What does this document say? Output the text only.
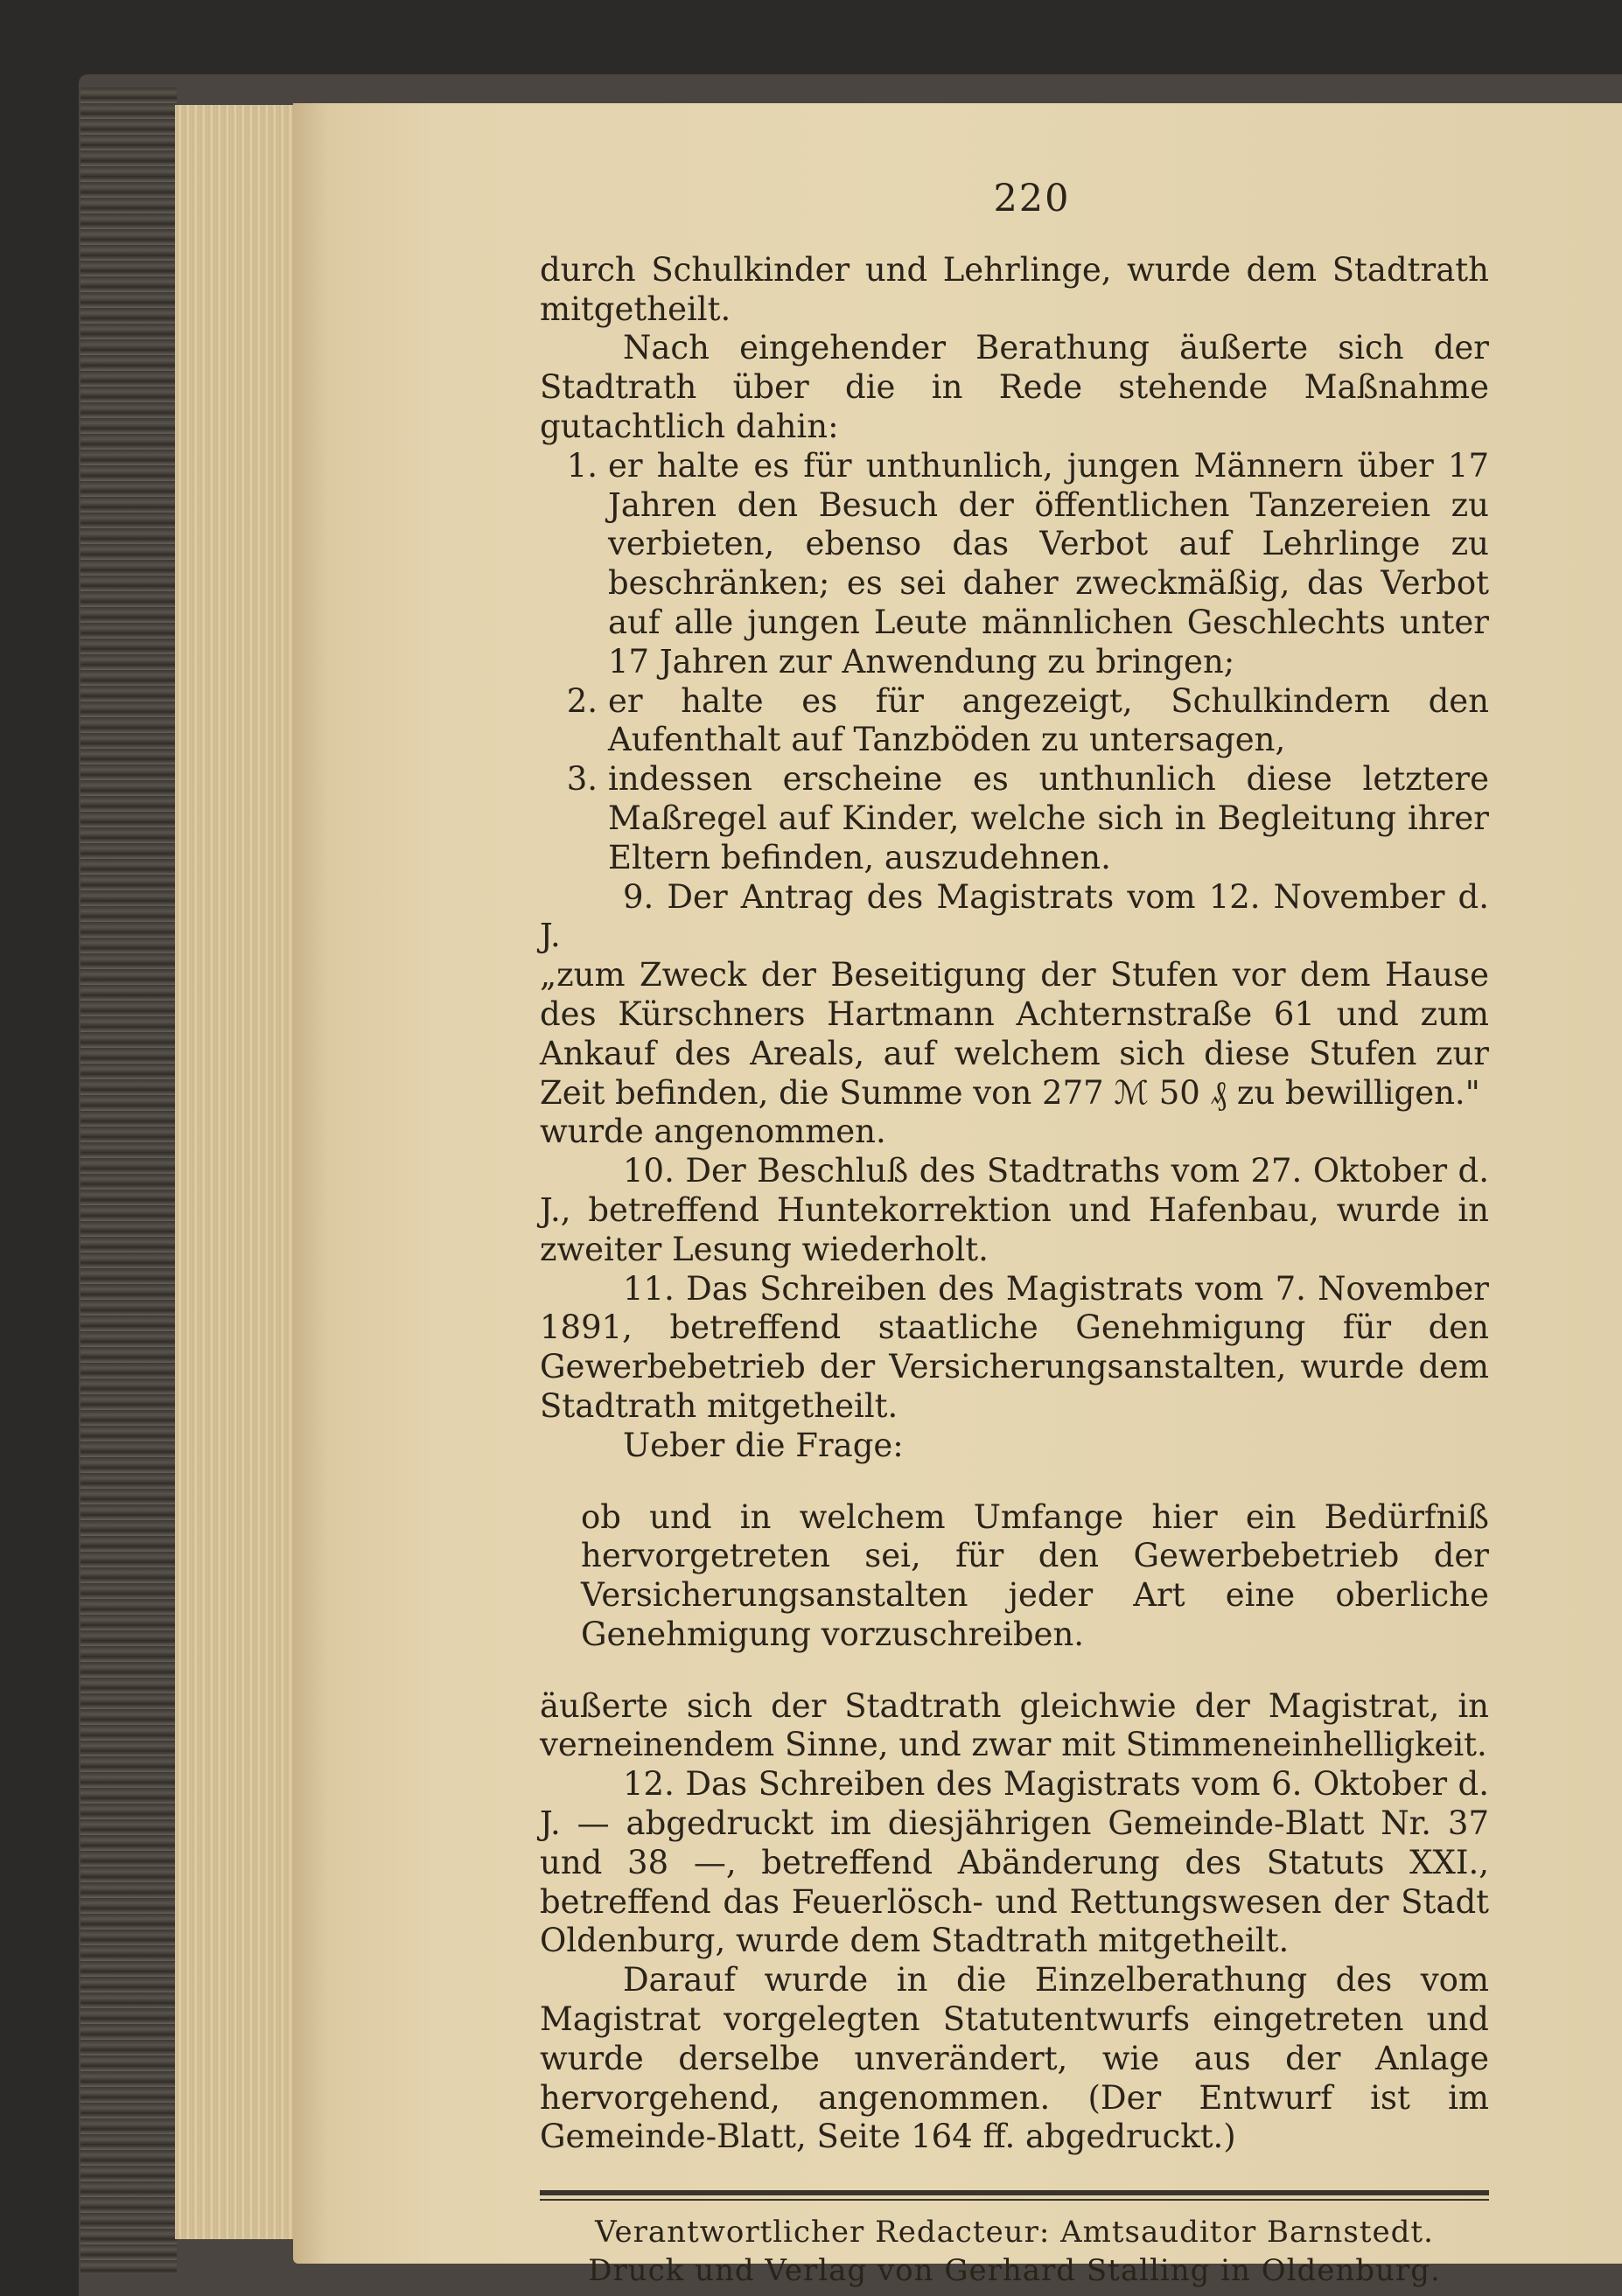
220

durch Schulkinder und Lehrlinge, wurde dem Stadtrath mitgetheilt.

Nach eingehender Berathung äußerte sich der Stadtrath über die in Rede stehende Maßnahme gutachtlich dahin:

1. er halte es für unthunlich, jungen Männern über 17 Jahren den Besuch der öffentlichen Tanzereien zu verbieten, ebenso das Verbot auf Lehrlinge zu beschränken; es sei daher zweckmäßig, das Verbot auf alle jungen Leute männlichen Geschlechts unter 17 Jahren zur Anwendung zu bringen;
2. er halte es für angezeigt, Schulkindern den Aufenthalt auf Tanzböden zu untersagen,
3. indessen erscheine es unthunlich diese letztere Maßregel auf Kinder, welche sich in Begleitung ihrer Eltern befinden, auszudehnen.

9. Der Antrag des Magistrats vom 12. November d. J.

„zum Zweck der Beseitigung der Stufen vor dem Hause des Kürschners Hartmann Achternstraße 61 und zum Ankauf des Areals, auf welchem sich diese Stufen zur Zeit befinden, die Summe von 277 ℳ 50 ₰ zu bewilligen."

wurde angenommen.

10. Der Beschluß des Stadtraths vom 27. Oktober d. J., betreffend Huntekorrektion und Hafenbau, wurde in zweiter Lesung wiederholt.

11. Das Schreiben des Magistrats vom 7. November 1891, betreffend staatliche Genehmigung für den Gewerbebetrieb der Versicherungsanstalten, wurde dem Stadtrath mitgetheilt.

Ueber die Frage:

ob und in welchem Umfange hier ein Bedürfniß hervorgetreten sei, für den Gewerbebetrieb der Versicherungsanstalten jeder Art eine oberliche Genehmigung vorzuschreiben.

äußerte sich der Stadtrath gleichwie der Magistrat, in verneinendem Sinne, und zwar mit Stimmeneinhelligkeit.

12. Das Schreiben des Magistrats vom 6. Oktober d. J. — abgedruckt im diesjährigen Gemeinde-Blatt Nr. 37 und 38 —, betreffend Abänderung des Statuts XXI., betreffend das Feuerlösch- und Rettungswesen der Stadt Oldenburg, wurde dem Stadtrath mitgetheilt.

Darauf wurde in die Einzelberathung des vom Magistrat vorgelegten Statutentwurfs eingetreten und wurde derselbe unverändert, wie aus der Anlage hervorgehend, angenommen. (Der Entwurf ist im Gemeinde-Blatt, Seite 164 ff. abgedruckt.)

Verantwortlicher Redacteur: Amtsauditor Barnstedt.
Druck und Verlag von Gerhard Stalling in Oldenburg.
